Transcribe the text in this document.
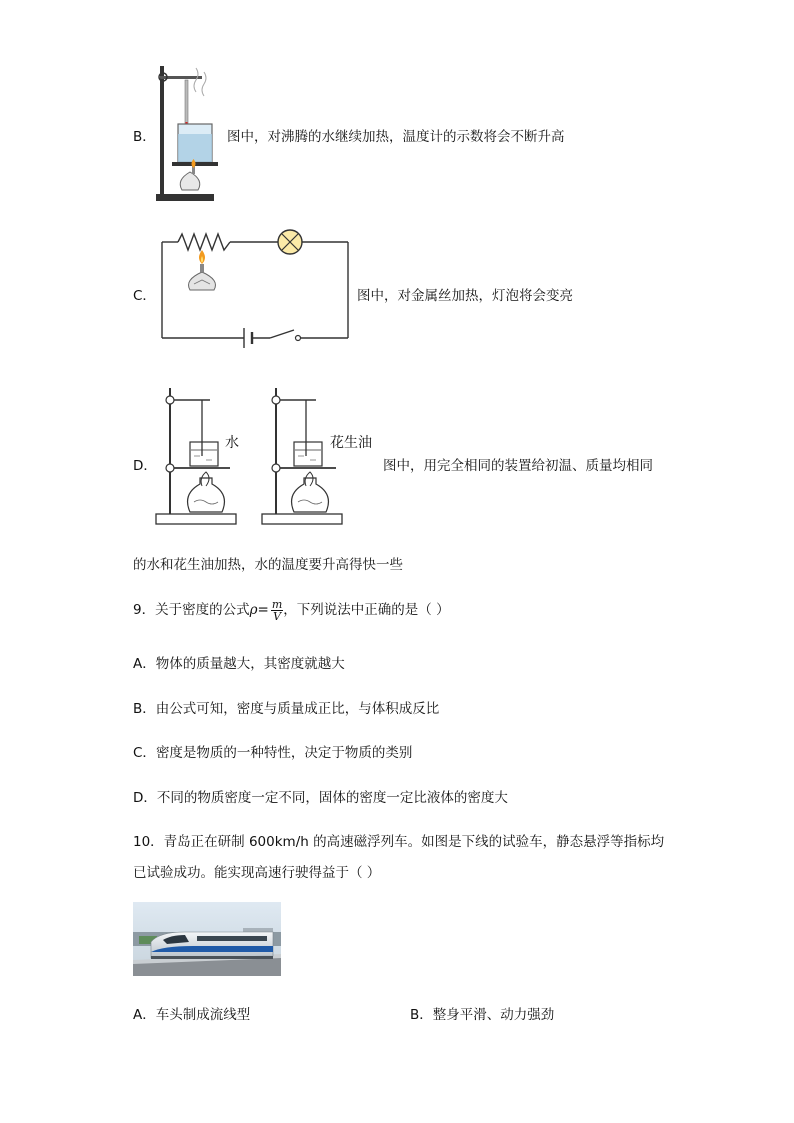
B．	图中，对沸腾的水继续加热，温度计的示数将会不断升高
C．	图中，对金属丝加热，灯泡将会变亮
D．
水	花生油
图中，用完全相同的装置给初温、质量均相同
的水和花生油加热，水的温度要升高得快一些
9．关于密度的公式$\rho= \frac{m}{V}$ ，下列说法中正确的是（ ）
A．物体的质量越大，其密度就越大
B．由公式可知，密度与质量成正比，与体积成反比
C．密度是物质的一种特性，决定于物质的类别
D．不同的物质密度一定不同，固体的密度一定比液体的密度大
10．青岛正在研制 600km/h 的高速磁浮列车。如图是下线的试验车，静态悬浮等指标均
已试验成功。能实现高速行驶得益于（ ）
A．车头制成流线型	B．整身平滑、动力强劲
